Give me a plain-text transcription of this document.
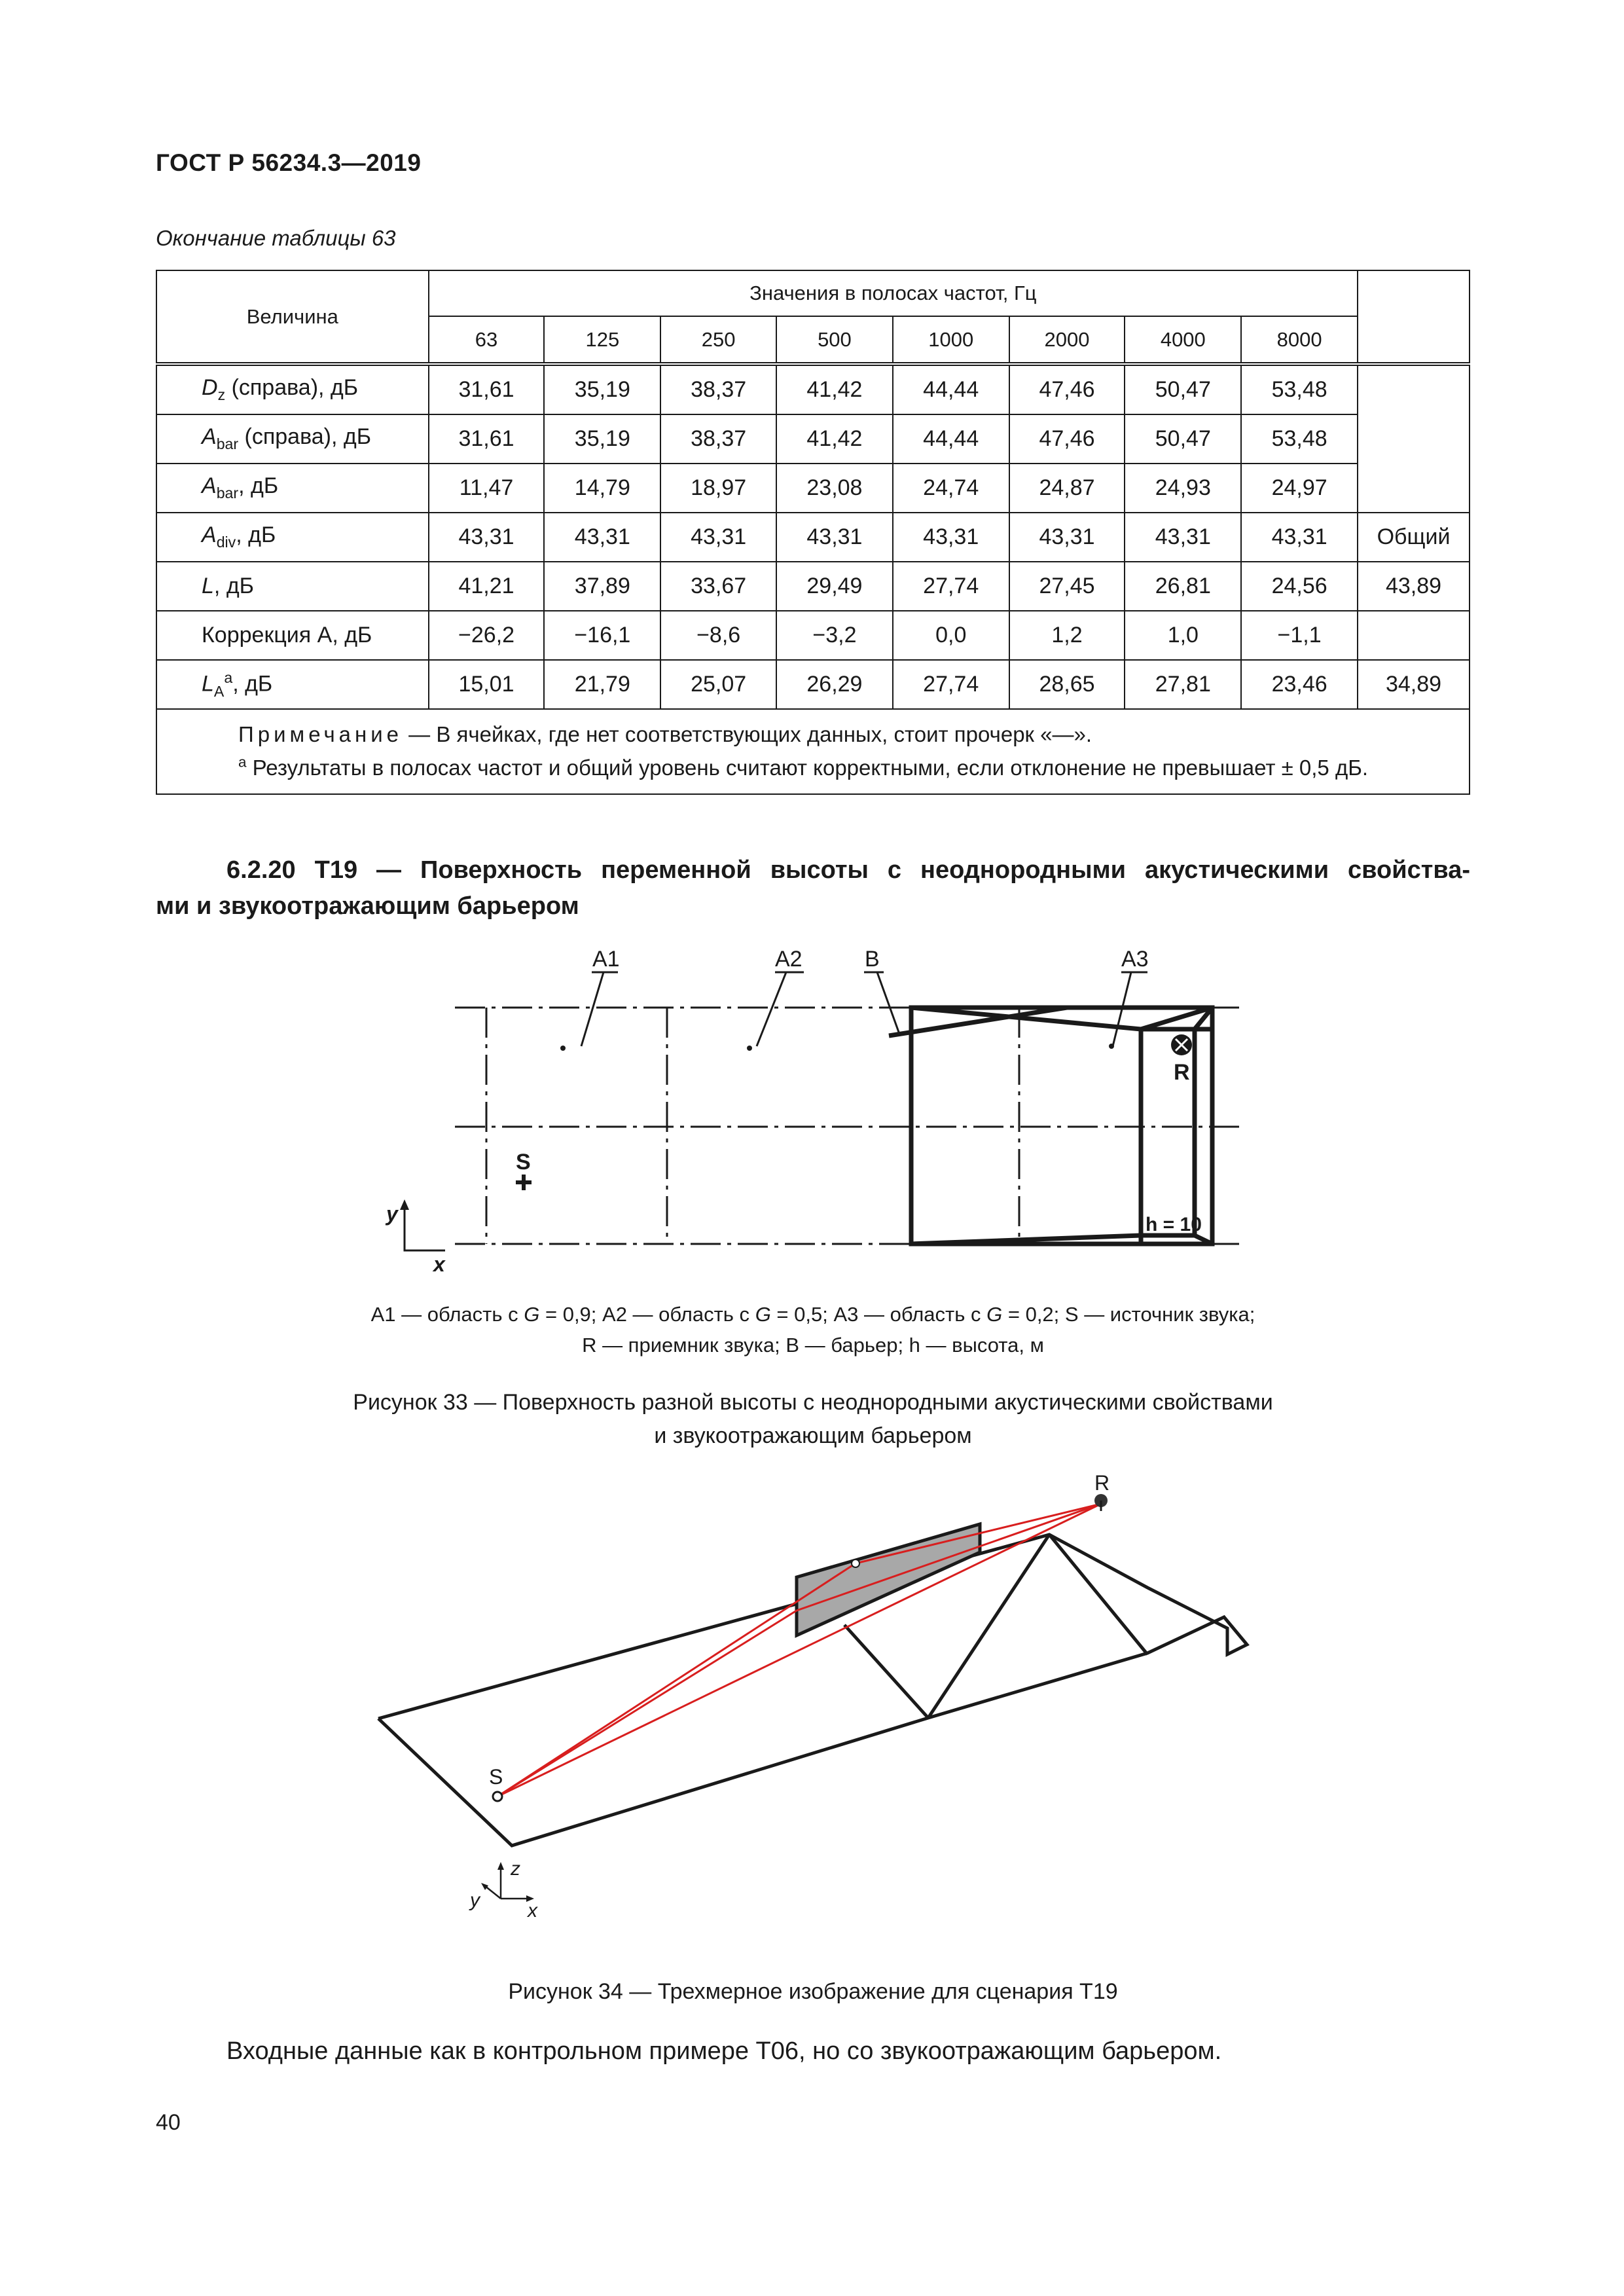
ГОСТ Р 56234.3—2019
Окончание таблицы 63
Величина	Значения в полосах частот, Гц								
	63	125	250	500	1000	2000	4000	8000	
$D_z$ (справа), дБ	31,61	35,19	38,37	41,42	44,44	47,46	50,47	53,48	
$A_{bar}$ (справа), дБ	31,61	35,19	38,37	41,42	44,44	47,46	50,47	53,48	
$A_{bar}$, дБ	11,47	14,79	18,97	23,08	24,74	24,87	24,93	24,97	
$A_{div}$, дБ	43,31	43,31	43,31	43,31	43,31	43,31	43,31	43,31	Общий
L, дБ	41,21	37,89	33,67	29,49	27,74	27,45	26,81	24,56	43,89
Коррекция А, дБ	−26,2	−16,1	−8,6	−3,2	0,0	1,2	1,0	−1,1	
$L_A^a$, дБ	15,01	21,79	25,07	26,29	27,74	28,65	27,81	23,46	34,89

Примечание — В ячейках, где нет соответствующих данных, стоит прочерк «—».
$^a$ Результаты в полосах частот и общий уровень считают корректными, если отклонение не превышает ± 0,5 дБ.									
6.2.20 Т19 — Поверхность переменной высоты с неоднородными акустическими свойства-
ми и звукоотражающим барьером
A1	A2	B	A3
R
S
h = 10
y
x
А1 — область с G = 0,9; А2 — область с G = 0,5; А3 — область с G = 0,2; S — источник звука;
R — приемник звука; В — барьер; h — высота, м
Рисунок 33 — Поверхность разной высоты с неоднородными акустическими свойствами
и звукоотражающим барьером
S
R
z
y x
Рисунок 34 — Трехмерное изображение для сценария Т19
Входные данные как в контрольном примере Т06, но со звукоотражающим барьером.
40
